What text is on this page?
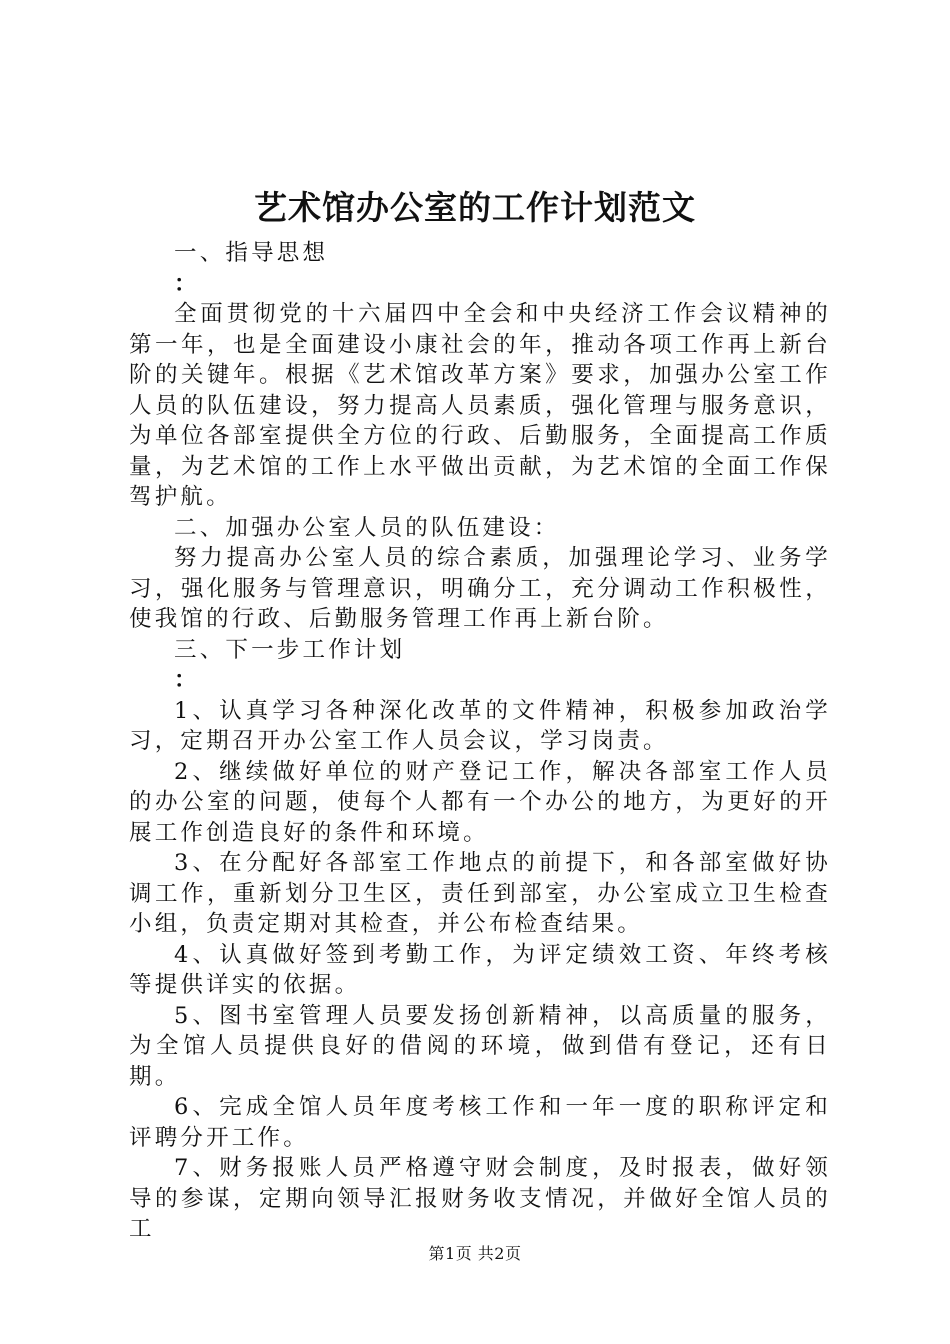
艺术馆办公室的工作计划范文

一、指导思想

：

全面贯彻党的十六届四中全会和中央经济工作会议精神的第一年，也是全面建设小康社会的年，推动各项工作再上新台阶的关键年。根据《艺术馆改革方案》要求，加强办公室工作人员的队伍建设，努力提高人员素质，强化管理与服务意识，为单位各部室提供全方位的行政、后勤服务，全面提高工作质量，为艺术馆的工作上水平做出贡献，为艺术馆的全面工作保驾护航。

二、加强办公室人员的队伍建设：

努力提高办公室人员的综合素质，加强理论学习、业务学习，强化服务与管理意识，明确分工，充分调动工作积极性，使我馆的行政、后勤服务管理工作再上新台阶。

三、下一步工作计划

：

1、认真学习各种深化改革的文件精神，积极参加政治学习，定期召开办公室工作人员会议，学习岗责。

2、继续做好单位的财产登记工作，解决各部室工作人员的办公室的问题，使每个人都有一个办公的地方，为更好的开展工作创造良好的条件和环境。

3、在分配好各部室工作地点的前提下，和各部室做好协调工作，重新划分卫生区，责任到部室，办公室成立卫生检查小组，负责定期对其检查，并公布检查结果。

4、认真做好签到考勤工作，为评定绩效工资、年终考核等提供详实的依据。

5、图书室管理人员要发扬创新精神，以高质量的服务，为全馆人员提供良好的借阅的环境，做到借有登记，还有日期。

6、完成全馆人员年度考核工作和一年一度的职称评定和评聘分开工作。

7、财务报账人员严格遵守财会制度，及时报表，做好领导的参谋，定期向领导汇报财务收支情况，并做好全馆人员的工

第1页 共2页
